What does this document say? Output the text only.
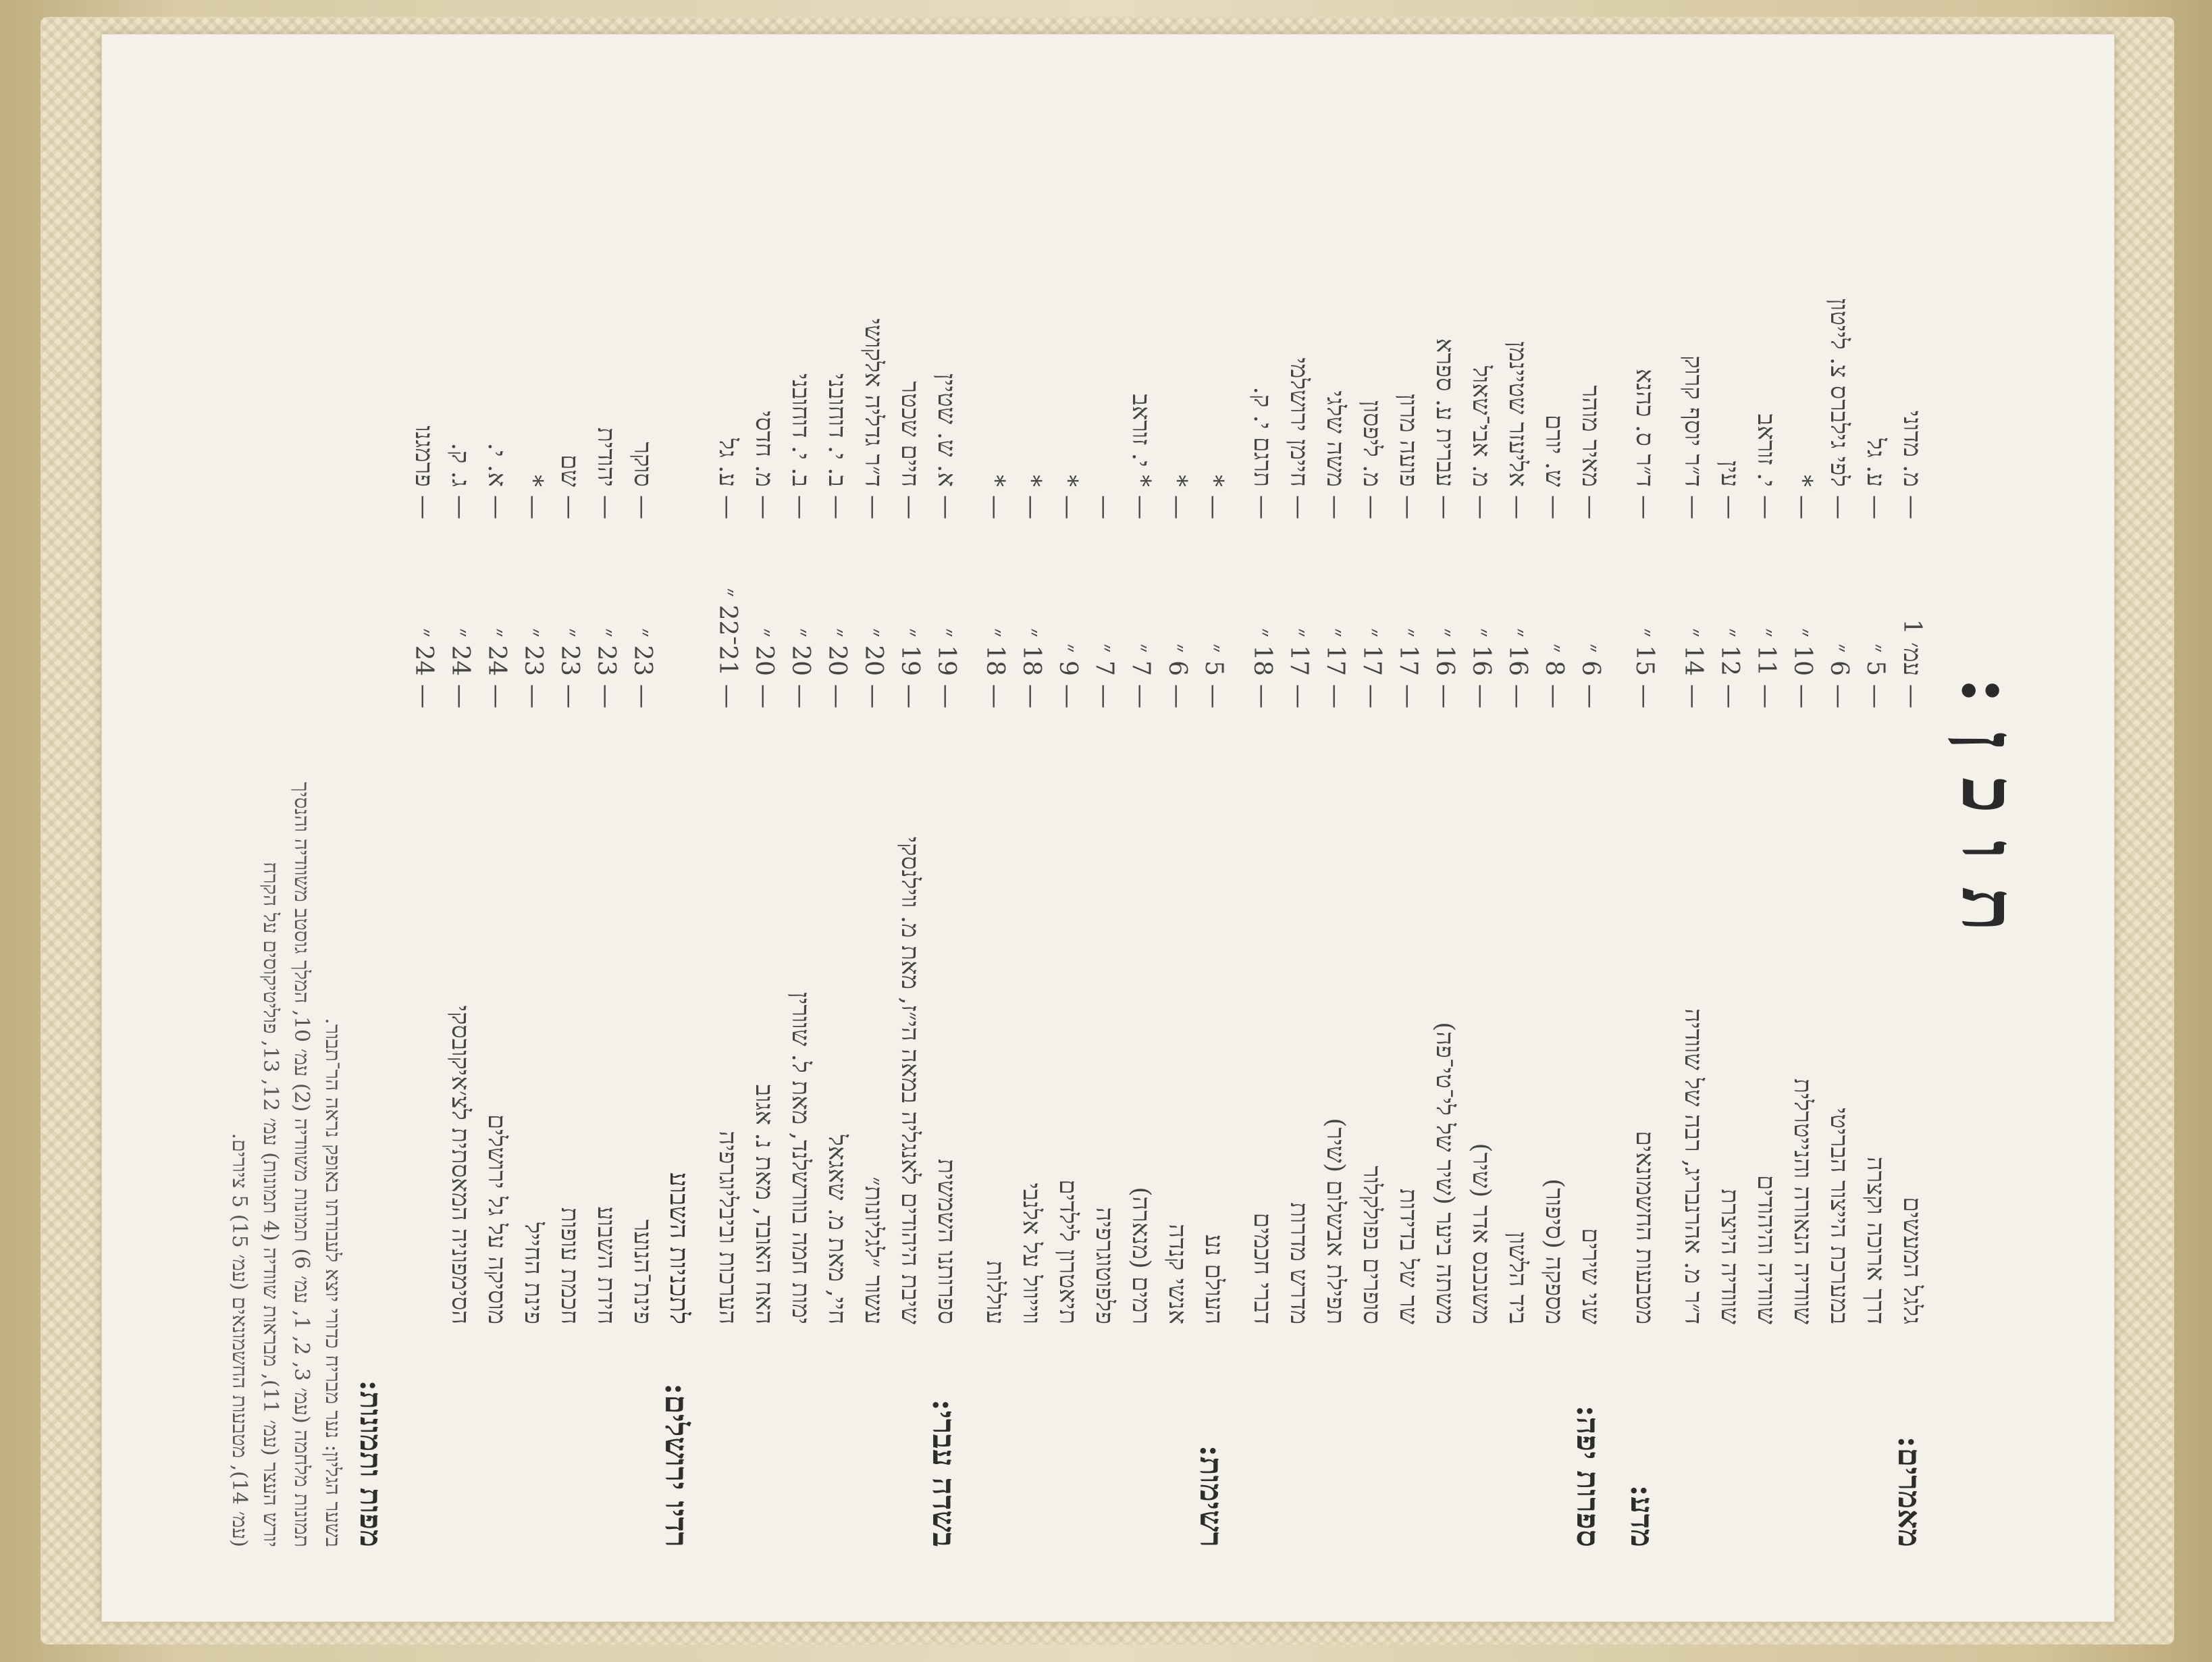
תוכן:
מאמרים:
גלגל המעשים
—
עמ׳ 1
—
מ. מדוני
דרך ארוכה וקצרה
—
5 ״
—
ע. גל
במערכת הייצור הבריטי
—
6 ״
—
לפי גילברס צ. לייטון
שוודיה הנאורה והנייטרלית
—
10 ״
—
*
שוודיה והיהודים
—
11 ״
—
י. זוראב
שוודיה היוצרת
—
12 ״
—
עין
ד״ר מ. אהרנבריג, רבה של שוודיה
—
14 ״
—
ד״ר יוסף קרוק
מדע:
מטבעות החשמונאים
—
15 ״
—
ד״ר ס. כהנא
ספרות יפה:
שני שירים
—
6 ״
—
מאיר מוהר
מספקה (סיפור)
—
8 ״
—
ש. יורם
ביד הלשון
—
16 ״
—
אליעזר שטיינמן
משנכנס אדר (שיר)
—
16 ״
—
מ. אבי־שאול
משתה ביער (שיר של לי־טי־פה)
—
16 ״
—
עברית ע. ספרא
שר של בדידות
—
17 ״
—
פועה מרון
סופרים בפולקלור
—
17 ״
—
מ. ליפסון
תפילת אבשלום (שיר)
—
17 ״
—
משה שלגי
מדרש מדרות
—
17 ״
—
חיימן ירושלמי
דברי חכמים
—
18 ״
—
תרגם י. ק.
רשימות:
העולם נע
—
5 ״
—
*
אנשי קנדה
—
6 ״
—
*
רמים (מנארה)
—
7 ״
—
* י. זוראב
פלפוטוגרפיה
—
7 ״
—
תיאטרון לילדים
—
9 ״
—
*
ווייוול על אלנבי
—
18 ״
—
*
עוללות
—
18 ״
—
*
בשדה עברי:
ספרותנו השמשית
—
19 ״
—
א. ש. שטיין
שיבת היהודים לאנגליה במאה הי״ז, מאת מ. ווילנסקי
—
19 ״
—
חיים שכטר
עשור ״לגליונות״
—
20 ״
—
ד״ר גדליה אלקושי
חיי, מאת מ. שאגאל
—
20 ״
—
ב. י. דוחובני
ימות חמה בוורשלנד, מאת ל. שוורין
—
20 ״
—
ב. י. דוחובני
האח האובד, מאת נ. אגוב
—
20 ״
—
מ. חדסי
הערכות וביבליוגרפיה
—
21־22 ״
—
ע. גל
רדיו ירושלים:
לתכניות השבוע
פינת־הנוער
—
23 ״
—
סוקר
חידת השבוע
—
23 ״
—
יהודית
חכמת עופות
—
23 ״
—
שם
פינת החייל
—
23 ״
—
*
מוסיקה על גל ירושלים
—
24 ״
—
א. י.
הסימפוניה המאסתית לצ׳איקובסקי
—
24 ״
—
ג. ק.
—
24 ״
—
פרמגנו
מפות ותמונות:
בשער הגליון: נער מבריח כדורי יוצא לעבודתו באופק נראה הר־תבור.
תמונות מלחמה (עמ׳ 3, 2, 1, עמ׳ 6) תמונות משוודיה (2) עמ׳ 10, המלך גוסטב משוודיה והנסיך
יורש העצר (עמ׳ 11), מבראות שוודיה (4 תמונות) עמ׳ 12, 13, פוליטיקוסים על הקרח
(עמ׳ 14), מטבעות החשמונאים (עמ׳ 15) 5 ציורים.
